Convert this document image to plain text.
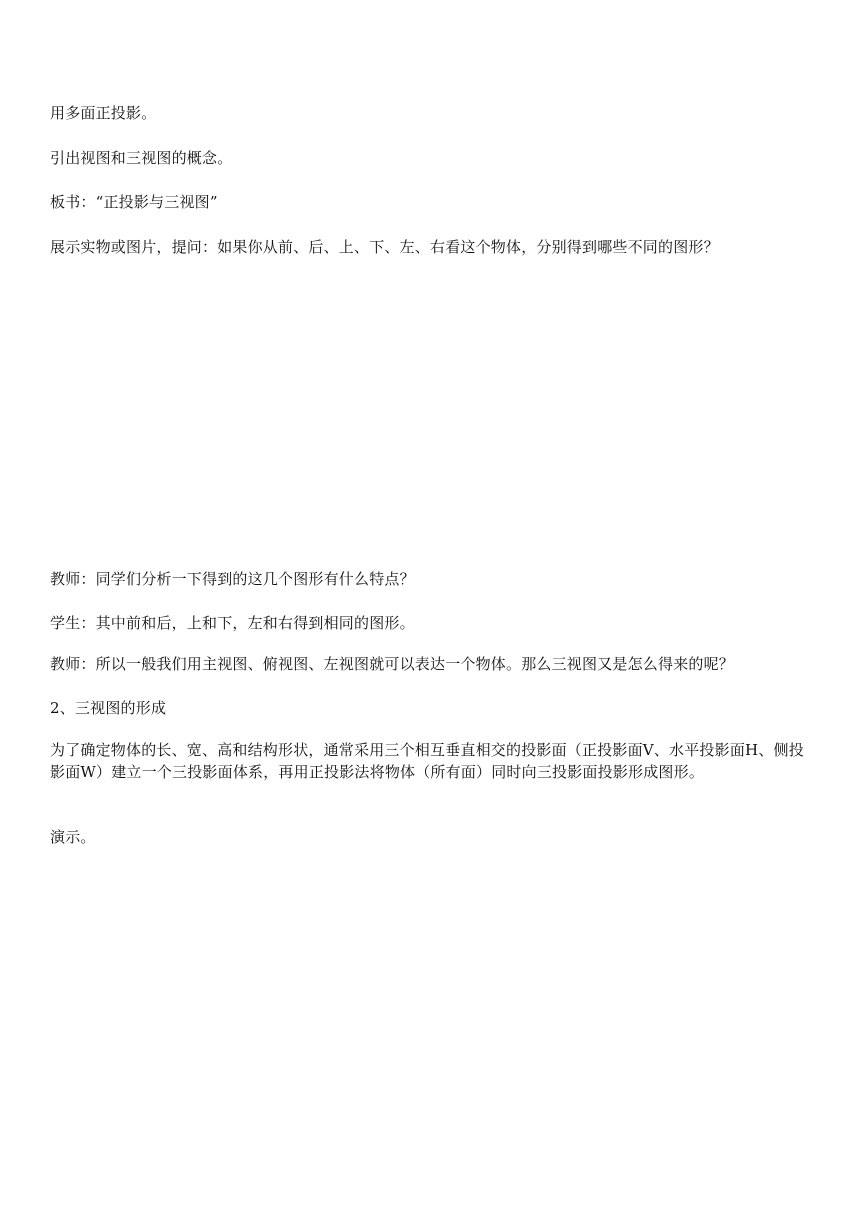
用多面正投影。

引出视图和三视图的概念。

板书：“正投影与三视图”

展示实物或图片，提问：如果你从前、后、上、下、左、右看这个物体，分别得到哪些不同的图形？

教师：同学们分析一下得到的这几个图形有什么特点？

学生：其中前和后，上和下，左和右得到相同的图形。

教师：所以一般我们用主视图、俯视图、左视图就可以表达一个物体。那么三视图又是怎么得来的呢？

2、三视图的形成

为了确定物体的长、宽、高和结构形状，通常采用三个相互垂直相交的投影面（正投影面V、水平投影面H、侧投影面W）建立一个三投影面体系，再用正投影法将物体（所有面）同时向三投影面投影形成图形。

演示。
